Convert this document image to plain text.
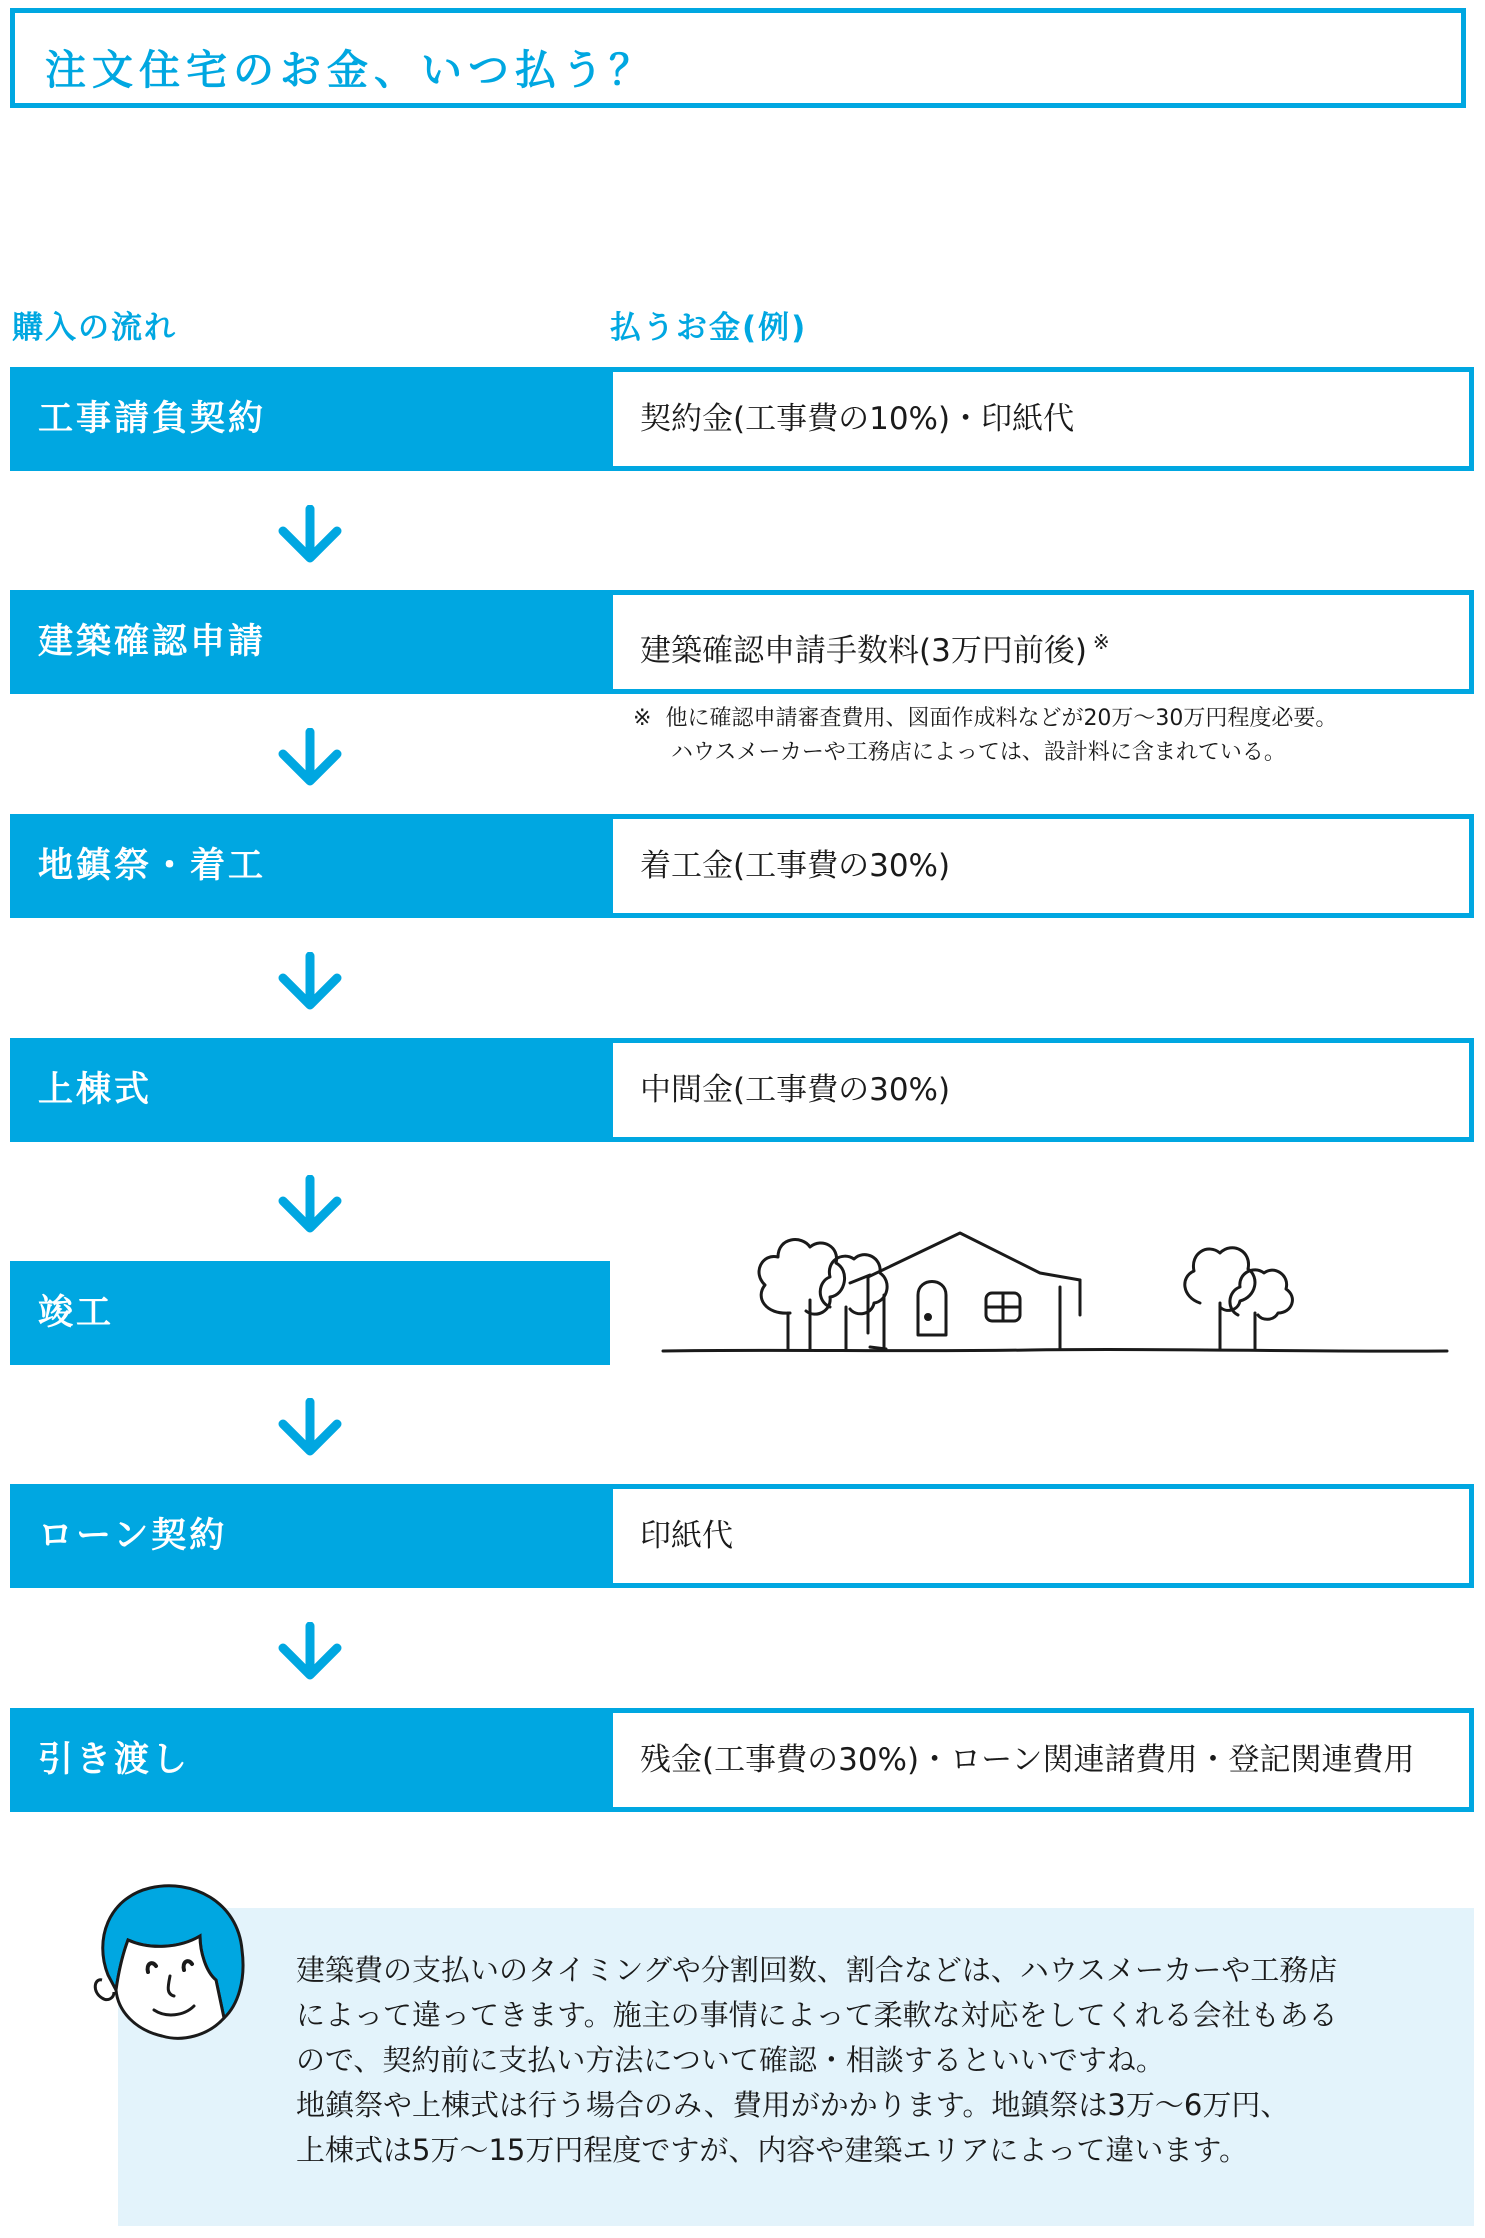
注文住宅のお金、いつ払う？
購入の流れ	払うお金(例)
工事請負契約	契約金(工事費の10%)・印紙代
建築確認申請	建築確認申請手数料(3万円前後) ※
※ 他に確認申請審査費用、図面作成料などが20万〜30万円程度必要。
ハウスメーカーや工務店によっては、設計料に含まれている。
地鎮祭・着工	着工金(工事費の30%)
上棟式	中間金(工事費の30%)
竣工
ローン契約	印紙代
引き渡し	残金(工事費の30%)・ローン関連諸費用・登記関連費用

建築費の支払いのタイミングや分割回数、割合などは、ハウスメーカーや工務店

によって違ってきます。施主の事情によって柔軟な対応をしてくれる会社もある

ので、契約前に支払い方法について確認・相談するといいですね。

地鎮祭や上棟式は行う場合のみ、費用がかかります。地鎮祭は3万〜6万円、

上棟式は5万〜15万円程度ですが、内容や建築エリアによって違います。
